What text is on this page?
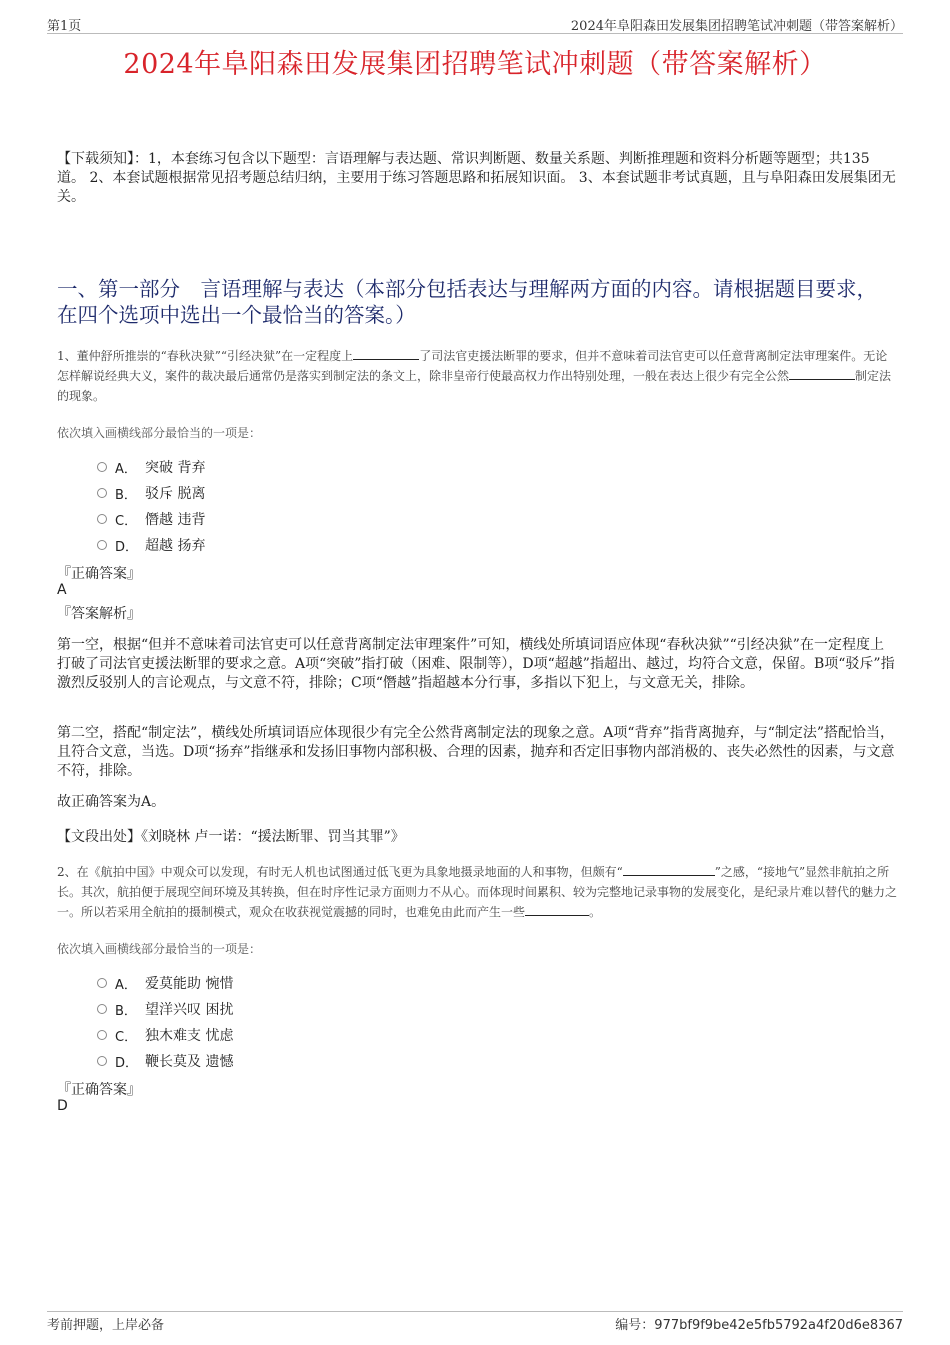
第1页	2024年阜阳森田发展集团招聘笔试冲刺题（带答案解析）
2024年阜阳森田发展集团招聘笔试冲刺题（带答案解析）
【下载须知】：1，本套练习包含以下题型：言语理解与表达题、常识判断题、数量关系题、判断推理题和资料分析题等题型；共135道。 2、本套试题根据常见招考题总结归纳，主要用于练习答题思路和拓展知识面。 3、本套试题非考试真题，且与阜阳森田发展集团无关。
一、第一部分　言语理解与表达（本部分包括表达与理解两方面的内容。请根据题目要求，在四个选项中选出一个最恰当的答案。）
1、董仲舒所推崇的“春秋决狱”“引经决狱”在一定程度上	了司法官吏援法断罪的要求，但并不意味着司法官吏可以任意背离制定法审理案件。无论怎样解说经典大义，案件的裁决最后通常仍是落实到制定法的条文上，除非皇帝行使最高权力作出特别处理，一般在表达上很少有完全公然	制定法的现象。
依次填入画横线部分最恰当的一项是：
A． 突破 背弃
B． 驳斥 脱离
C． 僭越 违背
D． 超越 扬弃
『正确答案』
A
『答案解析』
第一空，根据“但并不意味着司法官吏可以任意背离制定法审理案件”可知，横线处所填词语应体现“春秋决狱”“引经决狱”在一定程度上打破了司法官吏援法断罪的要求之意。A项“突破”指打破（困难、限制等），D项“超越”指超出、越过，均符合文意，保留。B项“驳斥”指激烈反驳别人的言论观点，与文意不符，排除；C项“僭越”指超越本分行事，多指以下犯上，与文意无关，排除。
第二空，搭配“制定法”，横线处所填词语应体现很少有完全公然背离制定法的现象之意。A项“背弃”指背离抛弃，与“制定法”搭配恰当，且符合文意，当选。D项“扬弃”指继承和发扬旧事物内部积极、合理的因素，抛弃和否定旧事物内部消极的、丧失必然性的因素，与文意不符，排除。
故正确答案为A。
【文段出处】《刘晓林 卢一诺：“援法断罪、罚当其罪”》
2、在《航拍中国》中观众可以发现，有时无人机也试图通过低飞更为具象地摄录地面的人和事物，但颇有“	”之感，“接地气”显然非航拍之所长。其次，航拍便于展现空间环境及其转换，但在时序性记录方面则力不从心。而体现时间累积、较为完整地记录事物的发展变化，是纪录片难以替代的魅力之一。所以若采用全航拍的摄制模式，观众在收获视觉震撼的同时，也难免由此而产生一些	。
依次填入画横线部分最恰当的一项是：
A． 爱莫能助 惋惜
B． 望洋兴叹 困扰
C． 独木难支 忧虑
D． 鞭长莫及 遗憾
『正确答案』
D
考前押题，上岸必备	编号：977bf9f9be42e5fb5792a4f20d6e8367
